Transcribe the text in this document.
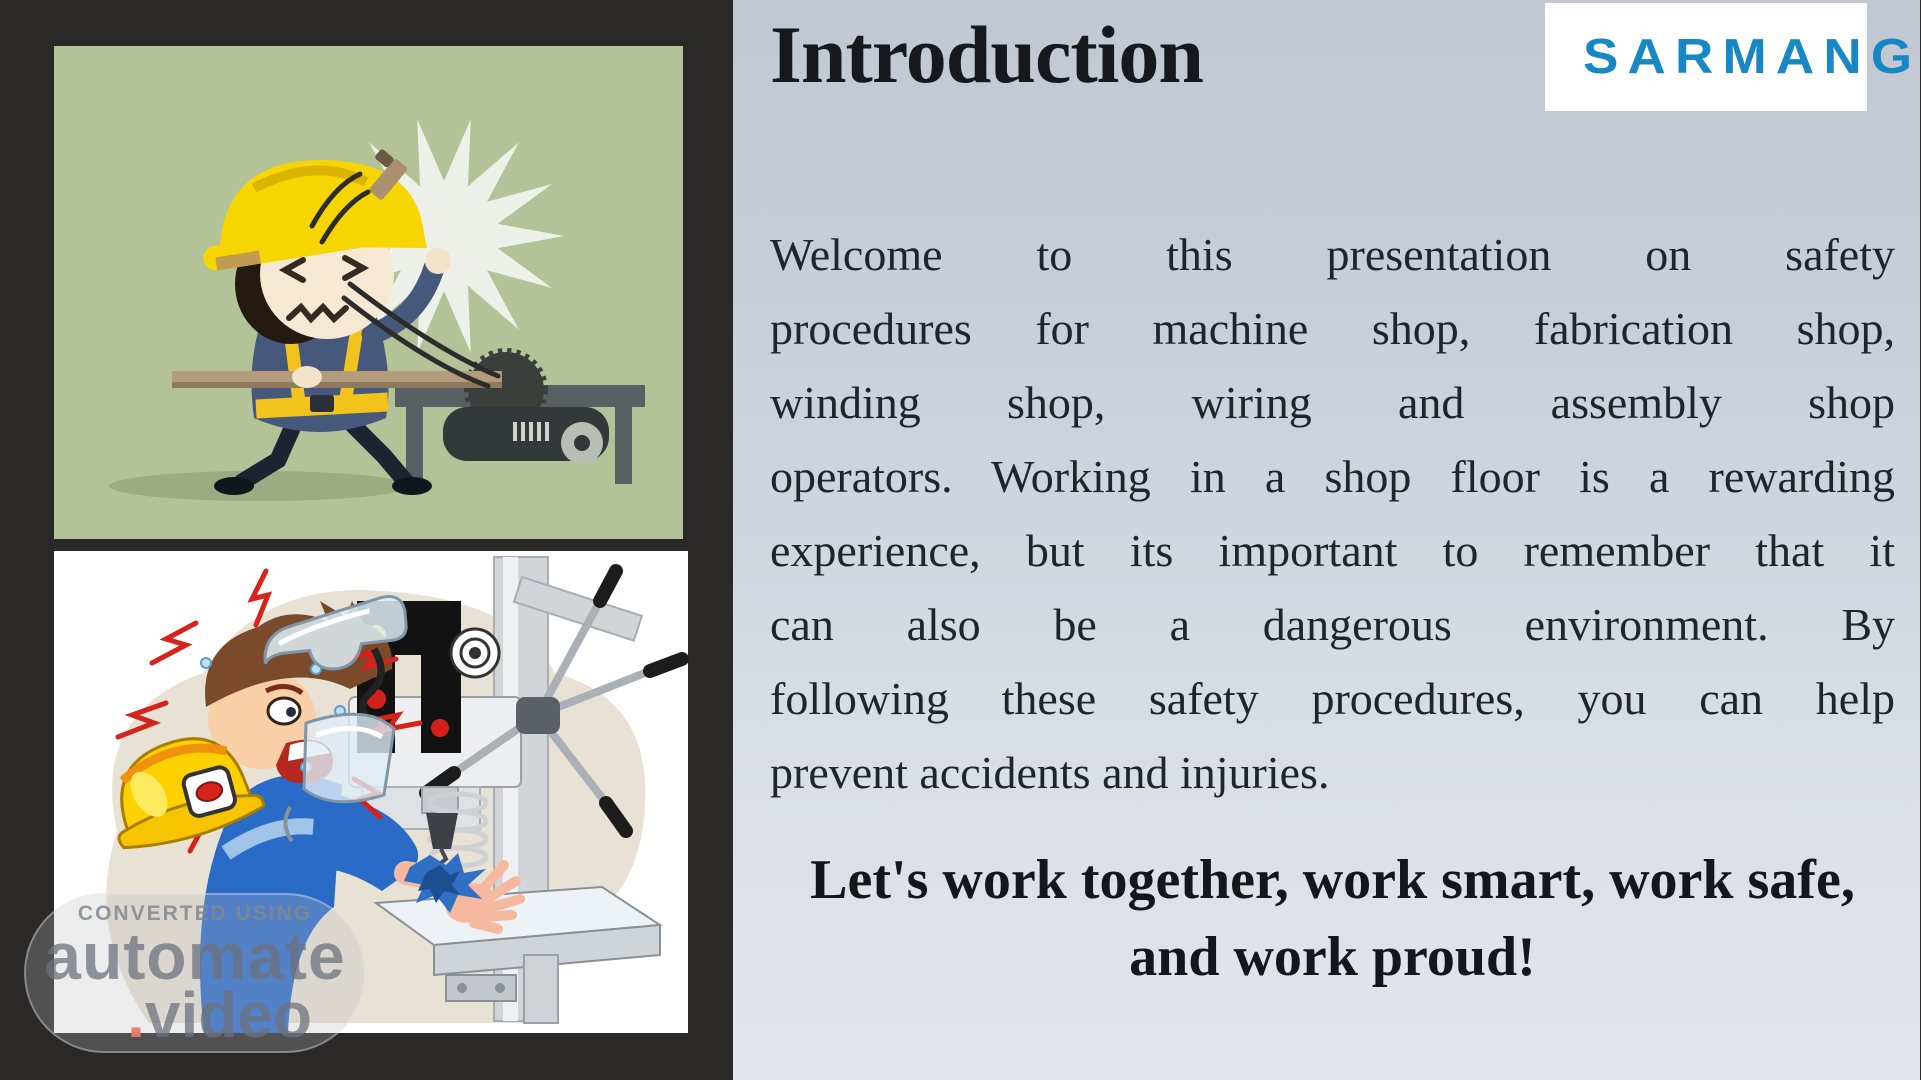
CONVERTED USING
automate
.video
Introduction	SARMANG
Welcome to this presentation on safety
procedures for machine shop, fabrication shop,
winding shop, wiring and assembly shop
operators. Working in a shop floor is a rewarding
experience, but its important to remember that it
can also be a dangerous environment. By
following these safety procedures, you can help
prevent accidents and injuries.
Let's work together, work smart, work safe,
and work proud!
